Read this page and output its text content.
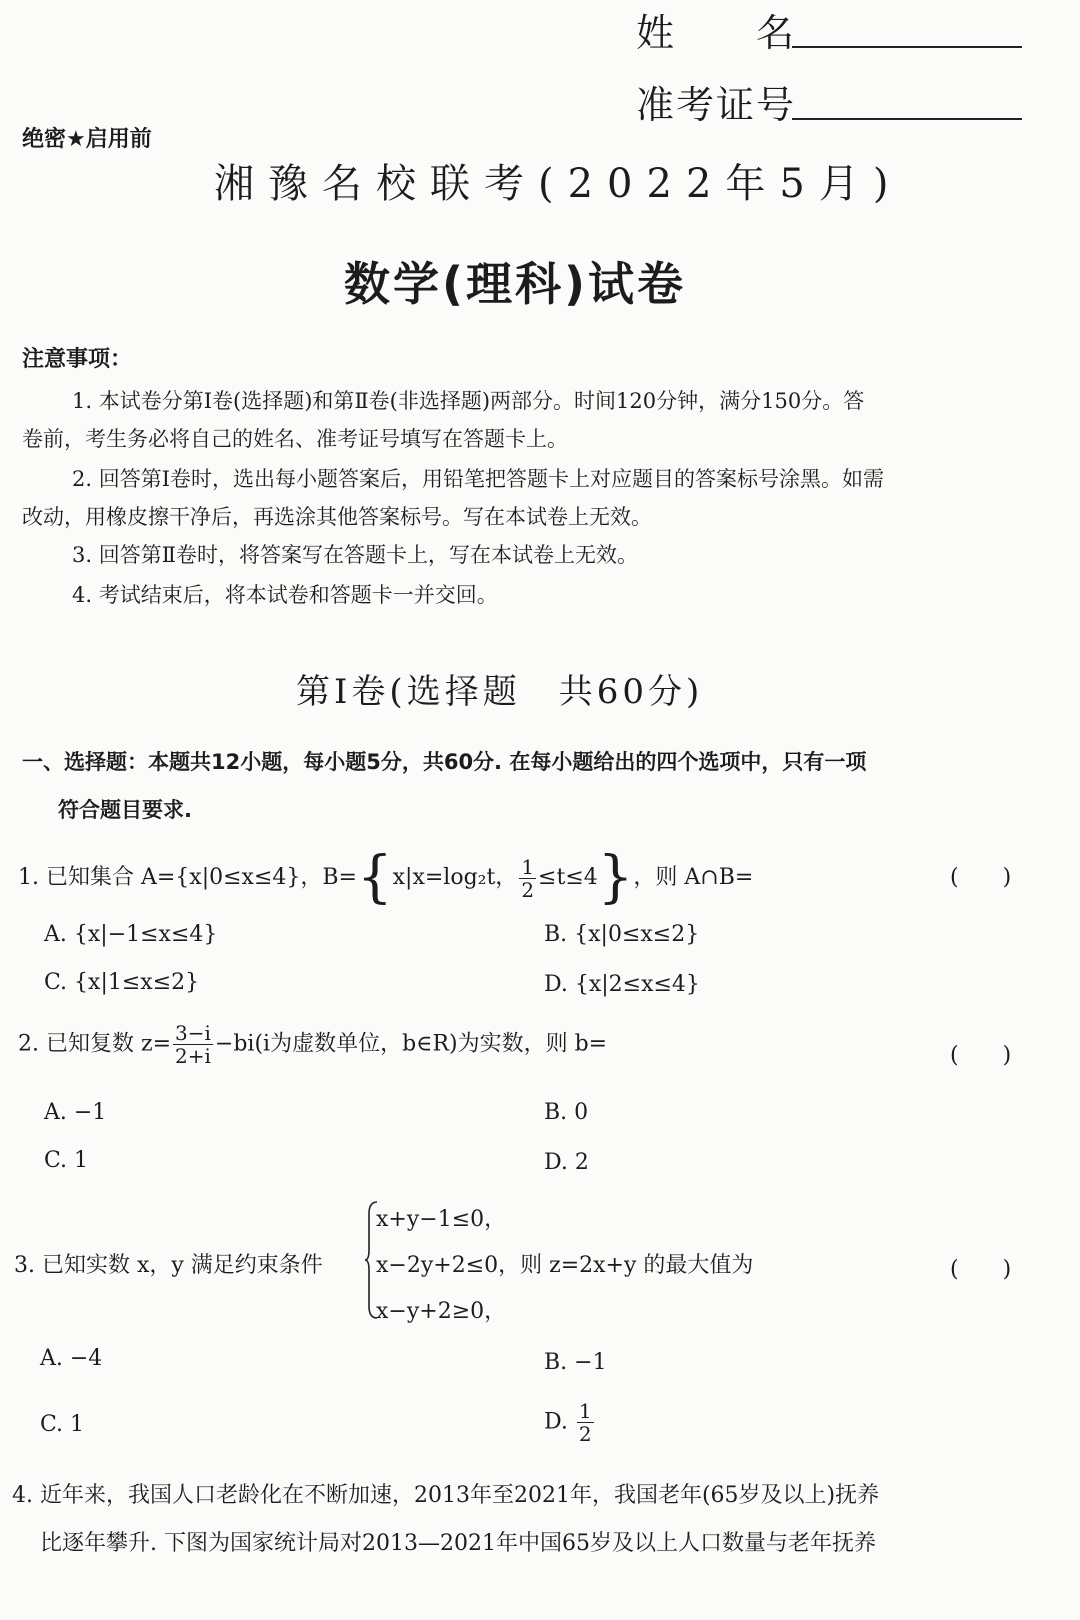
姓　　名
准考证号
绝密★启用前
湘豫名校联考(2022年5月)
数学(理科)试卷
注意事项：
1. 本试卷分第Ⅰ卷(选择题)和第Ⅱ卷(非选择题)两部分。时间120分钟，满分150分。答
卷前，考生务必将自己的姓名、准考证号填写在答题卡上。
2. 回答第Ⅰ卷时，选出每小题答案后，用铅笔把答题卡上对应题目的答案标号涂黑。如需
改动，用橡皮擦干净后，再选涂其他答案标号。写在本试卷上无效。
3. 回答第Ⅱ卷时，将答案写在答题卡上，写在本试卷上无效。
4. 考试结束后，将本试卷和答题卡一并交回。
第Ⅰ卷(选择题　共60分)
一、选择题：本题共12小题，每小题5分，共60分. 在每小题给出的四个选项中，只有一项
符合题目要求.
1. 已知集合 A={x|0≤x≤4}，B={x|x=log₂t， $\frac{1}{2} \le t\le 4$}，则 A∩B=	(　　)
A. {x|−1≤x≤4}	B. {x|0≤x≤2}
C. {x|1≤x≤2}	D. {x|2≤x≤4}
2. 已知复数 $z= \frac{3-i}{2+i} -bi(i$为虚数单位，b∈R)为实数，则 b=	(　　)
A. −1	B. 0
C. 1	D. 2
3. 已知实数 x，y 满足约束条件
x+y−1≤0，
x−2y+2≤0，则 z=2x+y 的最大值为
x−y+2≥0，
(　　)
A. −4	B. −1
C. 1	D. $\frac{1}{2}$
4. 近年来，我国人口老龄化在不断加速，2013年至2021年，我国老年(65岁及以上)抚养
比逐年攀升. 下图为国家统计局对2013—2021年中国65岁及以上人口数量与老年抚养
